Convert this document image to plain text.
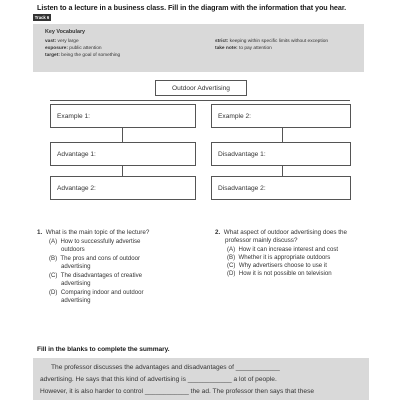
Listen to a lecture in a business class. Fill in the diagram with the information that you hear.
Track 6
Key Vocabulary
vast: very large
exposure: public attention
target: being the goal of something
strict: keeping within specific limits without exception
take note: to pay attention
Outdoor Advertising
Example 1:
Advantage 1:
Advantage 2:
Example 2:
Disadvantage 1:
Disadvantage 2:
1. What is the main topic of the lecture?
(A) How to successfully advertise
outdoors
(B) The pros and cons of outdoor
advertising
(C) The disadvantages of creative
advertising
(D) Comparing indoor and outdoor
advertising
2. What aspect of outdoor advertising does the
professor mainly discuss?
(A) How it can increase interest and cost
(B) Whether it is appropriate outdoors
(C) Why advertisers choose to use it
(D) How it is not possible on television
Fill in the blanks to complete the summary.
The professor discusses the advantages and disadvantages of ____________
advertising. He says that this kind of advertising is ____________ a lot of people.
However, it is also harder to control ____________ the ad. The professor then says that these
